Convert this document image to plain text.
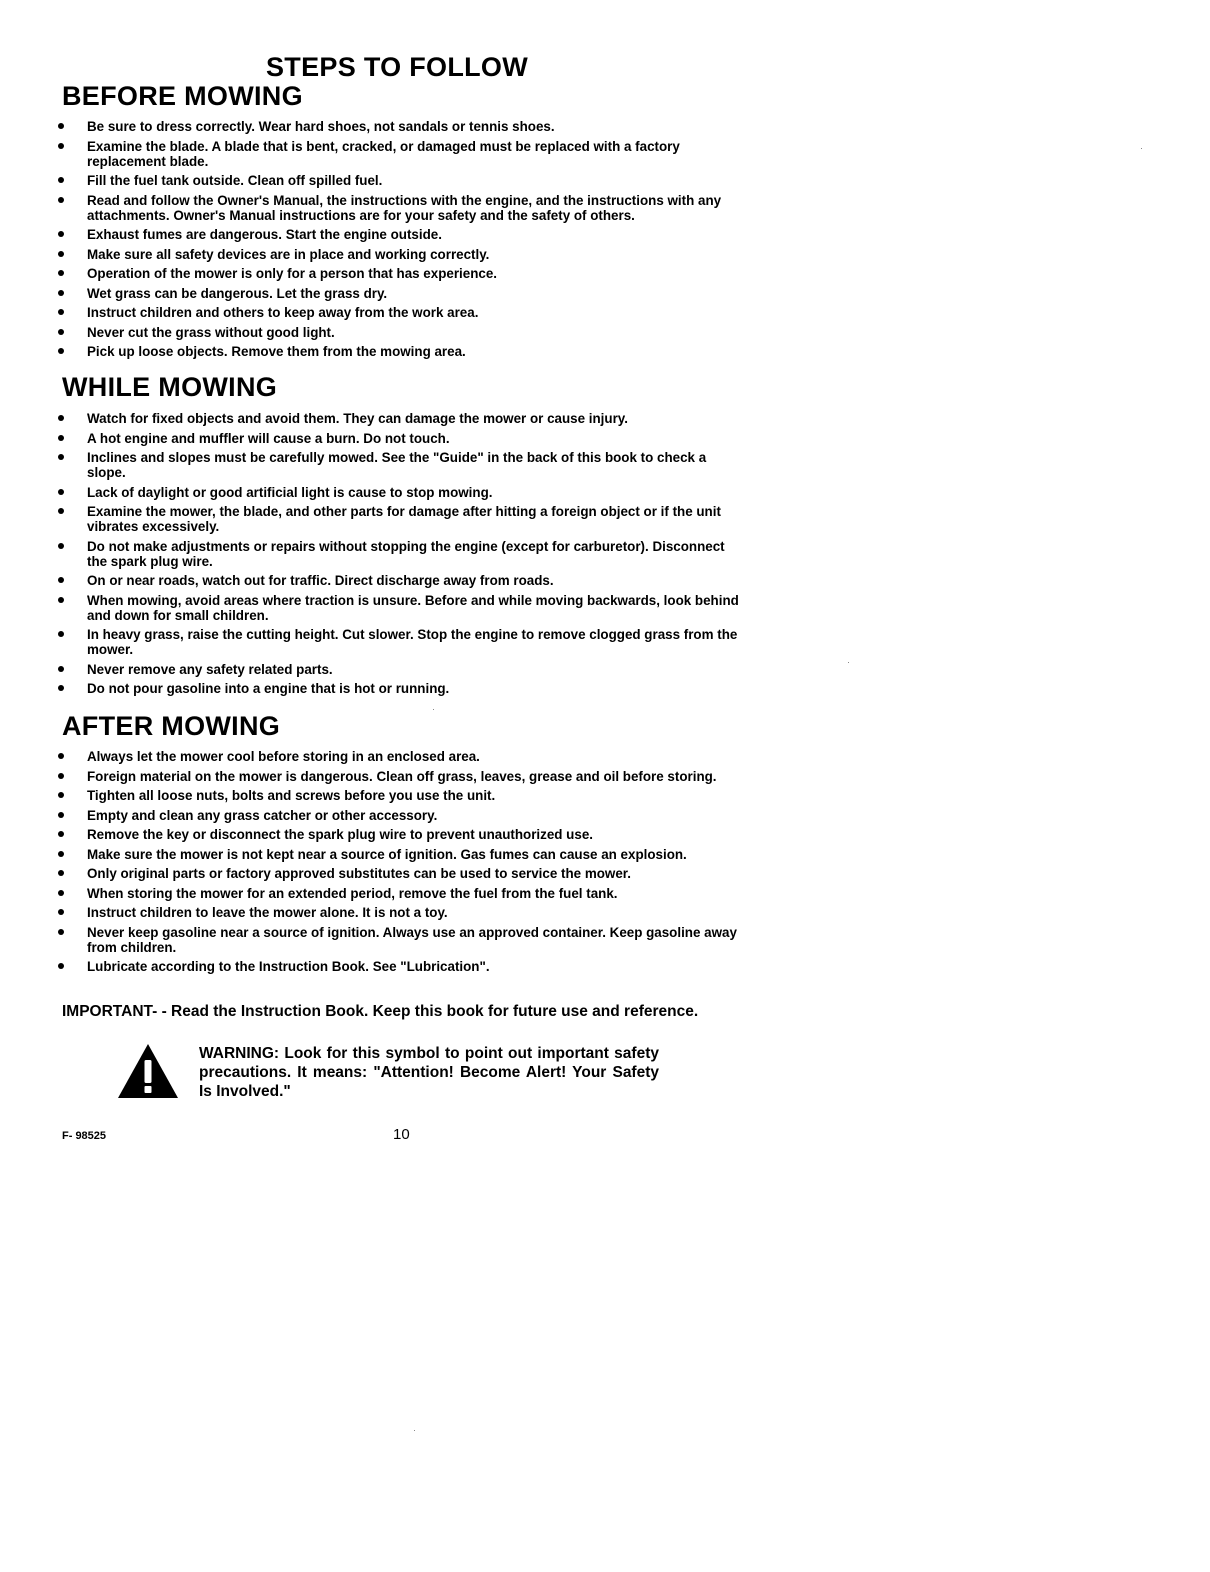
STEPS TO FOLLOW
BEFORE MOWING
Be sure to dress correctly. Wear hard shoes, not sandals or tennis shoes.
Examine the blade. A blade that is bent, cracked, or damaged must be replaced with a factory replacement blade.
Fill the fuel tank outside. Clean off spilled fuel.
Read and follow the Owner's Manual, the instructions with the engine, and the instructions with any attachments. Owner's Manual instructions are for your safety and the safety of others.
Exhaust fumes are dangerous. Start the engine outside.
Make sure all safety devices are in place and working correctly.
Operation of the mower is only for a person that has experience.
Wet grass can be dangerous. Let the grass dry.
Instruct children and others to keep away from the work area.
Never cut the grass without good light.
Pick up loose objects. Remove them from the mowing area.
WHILE MOWING
Watch for fixed objects and avoid them. They can damage the mower or cause injury.
A hot engine and muffler will cause a burn. Do not touch.
Inclines and slopes must be carefully mowed. See the "Guide" in the back of this book to check a slope.
Lack of daylight or good artificial light is cause to stop mowing.
Examine the mower, the blade, and other parts for damage after hitting a foreign object or if the unit vibrates excessively.
Do not make adjustments or repairs without stopping the engine (except for carburetor). Disconnect the spark plug wire.
On or near roads, watch out for traffic. Direct discharge away from roads.
When mowing, avoid areas where traction is unsure. Before and while moving backwards, look behind and down for small children.
In heavy grass, raise the cutting height. Cut slower. Stop the engine to remove clogged grass from the mower.
Never remove any safety related parts.
Do not pour gasoline into a engine that is hot or running.
AFTER MOWING
Always let the mower cool before storing in an enclosed area.
Foreign material on the mower is dangerous. Clean off grass, leaves, grease and oil before storing.
Tighten all loose nuts, bolts and screws before you use the unit.
Empty and clean any grass catcher or other accessory.
Remove the key or disconnect the spark plug wire to prevent unauthorized use.
Make sure the mower is not kept near a source of ignition. Gas fumes can cause an explosion.
Only original parts or factory approved substitutes can be used to service the mower.
When storing the mower for an extended period, remove the fuel from the fuel tank.
Instruct children to leave the mower alone. It is not a toy.
Never keep gasoline near a source of ignition. Always use an approved container. Keep gasoline away from children.
Lubricate according to the Instruction Book. See "Lubrication".

IMPORTANT- - Read the Instruction Book. Keep this book for future use and reference.

WARNING: Look for this symbol to point out important safety precautions. It means: "Attention! Become Alert! Your Safety Is Involved."

F- 98525	10
